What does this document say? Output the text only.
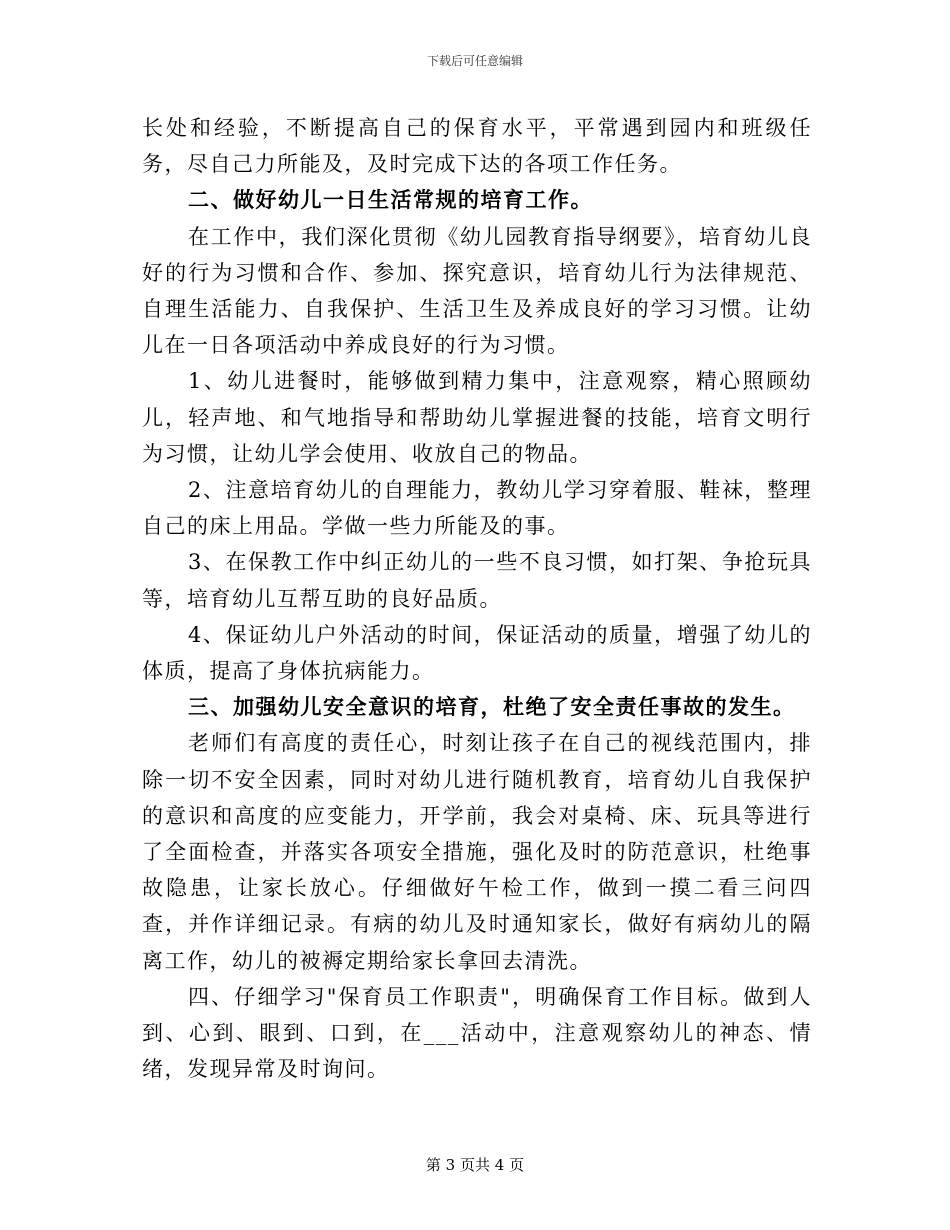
下载后可任意编辑

长处和经验，不断提高自己的保育水平，平常遇到园内和班级任务，尽自己力所能及，及时完成下达的各项工作任务。

二、做好幼儿一日生活常规的培育工作。

在工作中，我们深化贯彻《幼儿园教育指导纲要》，培育幼儿良好的行为习惯和合作、参加、探究意识，培育幼儿行为法律规范、自理生活能力、自我保护、生活卫生及养成良好的学习习惯。让幼儿在一日各项活动中养成良好的行为习惯。

1、幼儿进餐时，能够做到精力集中，注意观察，精心照顾幼儿，轻声地、和气地指导和帮助幼儿掌握进餐的技能，培育文明行为习惯，让幼儿学会使用、收放自己的物品。

2、注意培育幼儿的自理能力，教幼儿学习穿着服、鞋袜，整理自己的床上用品。学做一些力所能及的事。

3、在保教工作中纠正幼儿的一些不良习惯，如打架、争抢玩具等，培育幼儿互帮互助的良好品质。

4、保证幼儿户外活动的时间，保证活动的质量，增强了幼儿的体质，提高了身体抗病能力。

三、加强幼儿安全意识的培育，杜绝了安全责任事故的发生。

老师们有高度的责任心，时刻让孩子在自己的视线范围内，排除一切不安全因素，同时对幼儿进行随机教育，培育幼儿自我保护的意识和高度的应变能力，开学前，我会对桌椅、床、玩具等进行了全面检查，并落实各项安全措施，强化及时的防范意识，杜绝事故隐患，让家长放心。仔细做好午检工作，做到一摸二看三问四查，并作详细记录。有病的幼儿及时通知家长，做好有病幼儿的隔离工作，幼儿的被褥定期给家长拿回去清洗。

四、仔细学习"保育员工作职责"，明确保育工作目标。做到人到、心到、眼到、口到，在___活动中，注意观察幼儿的神态、情绪，发现异常及时询问。

第 3 页共 4 页
